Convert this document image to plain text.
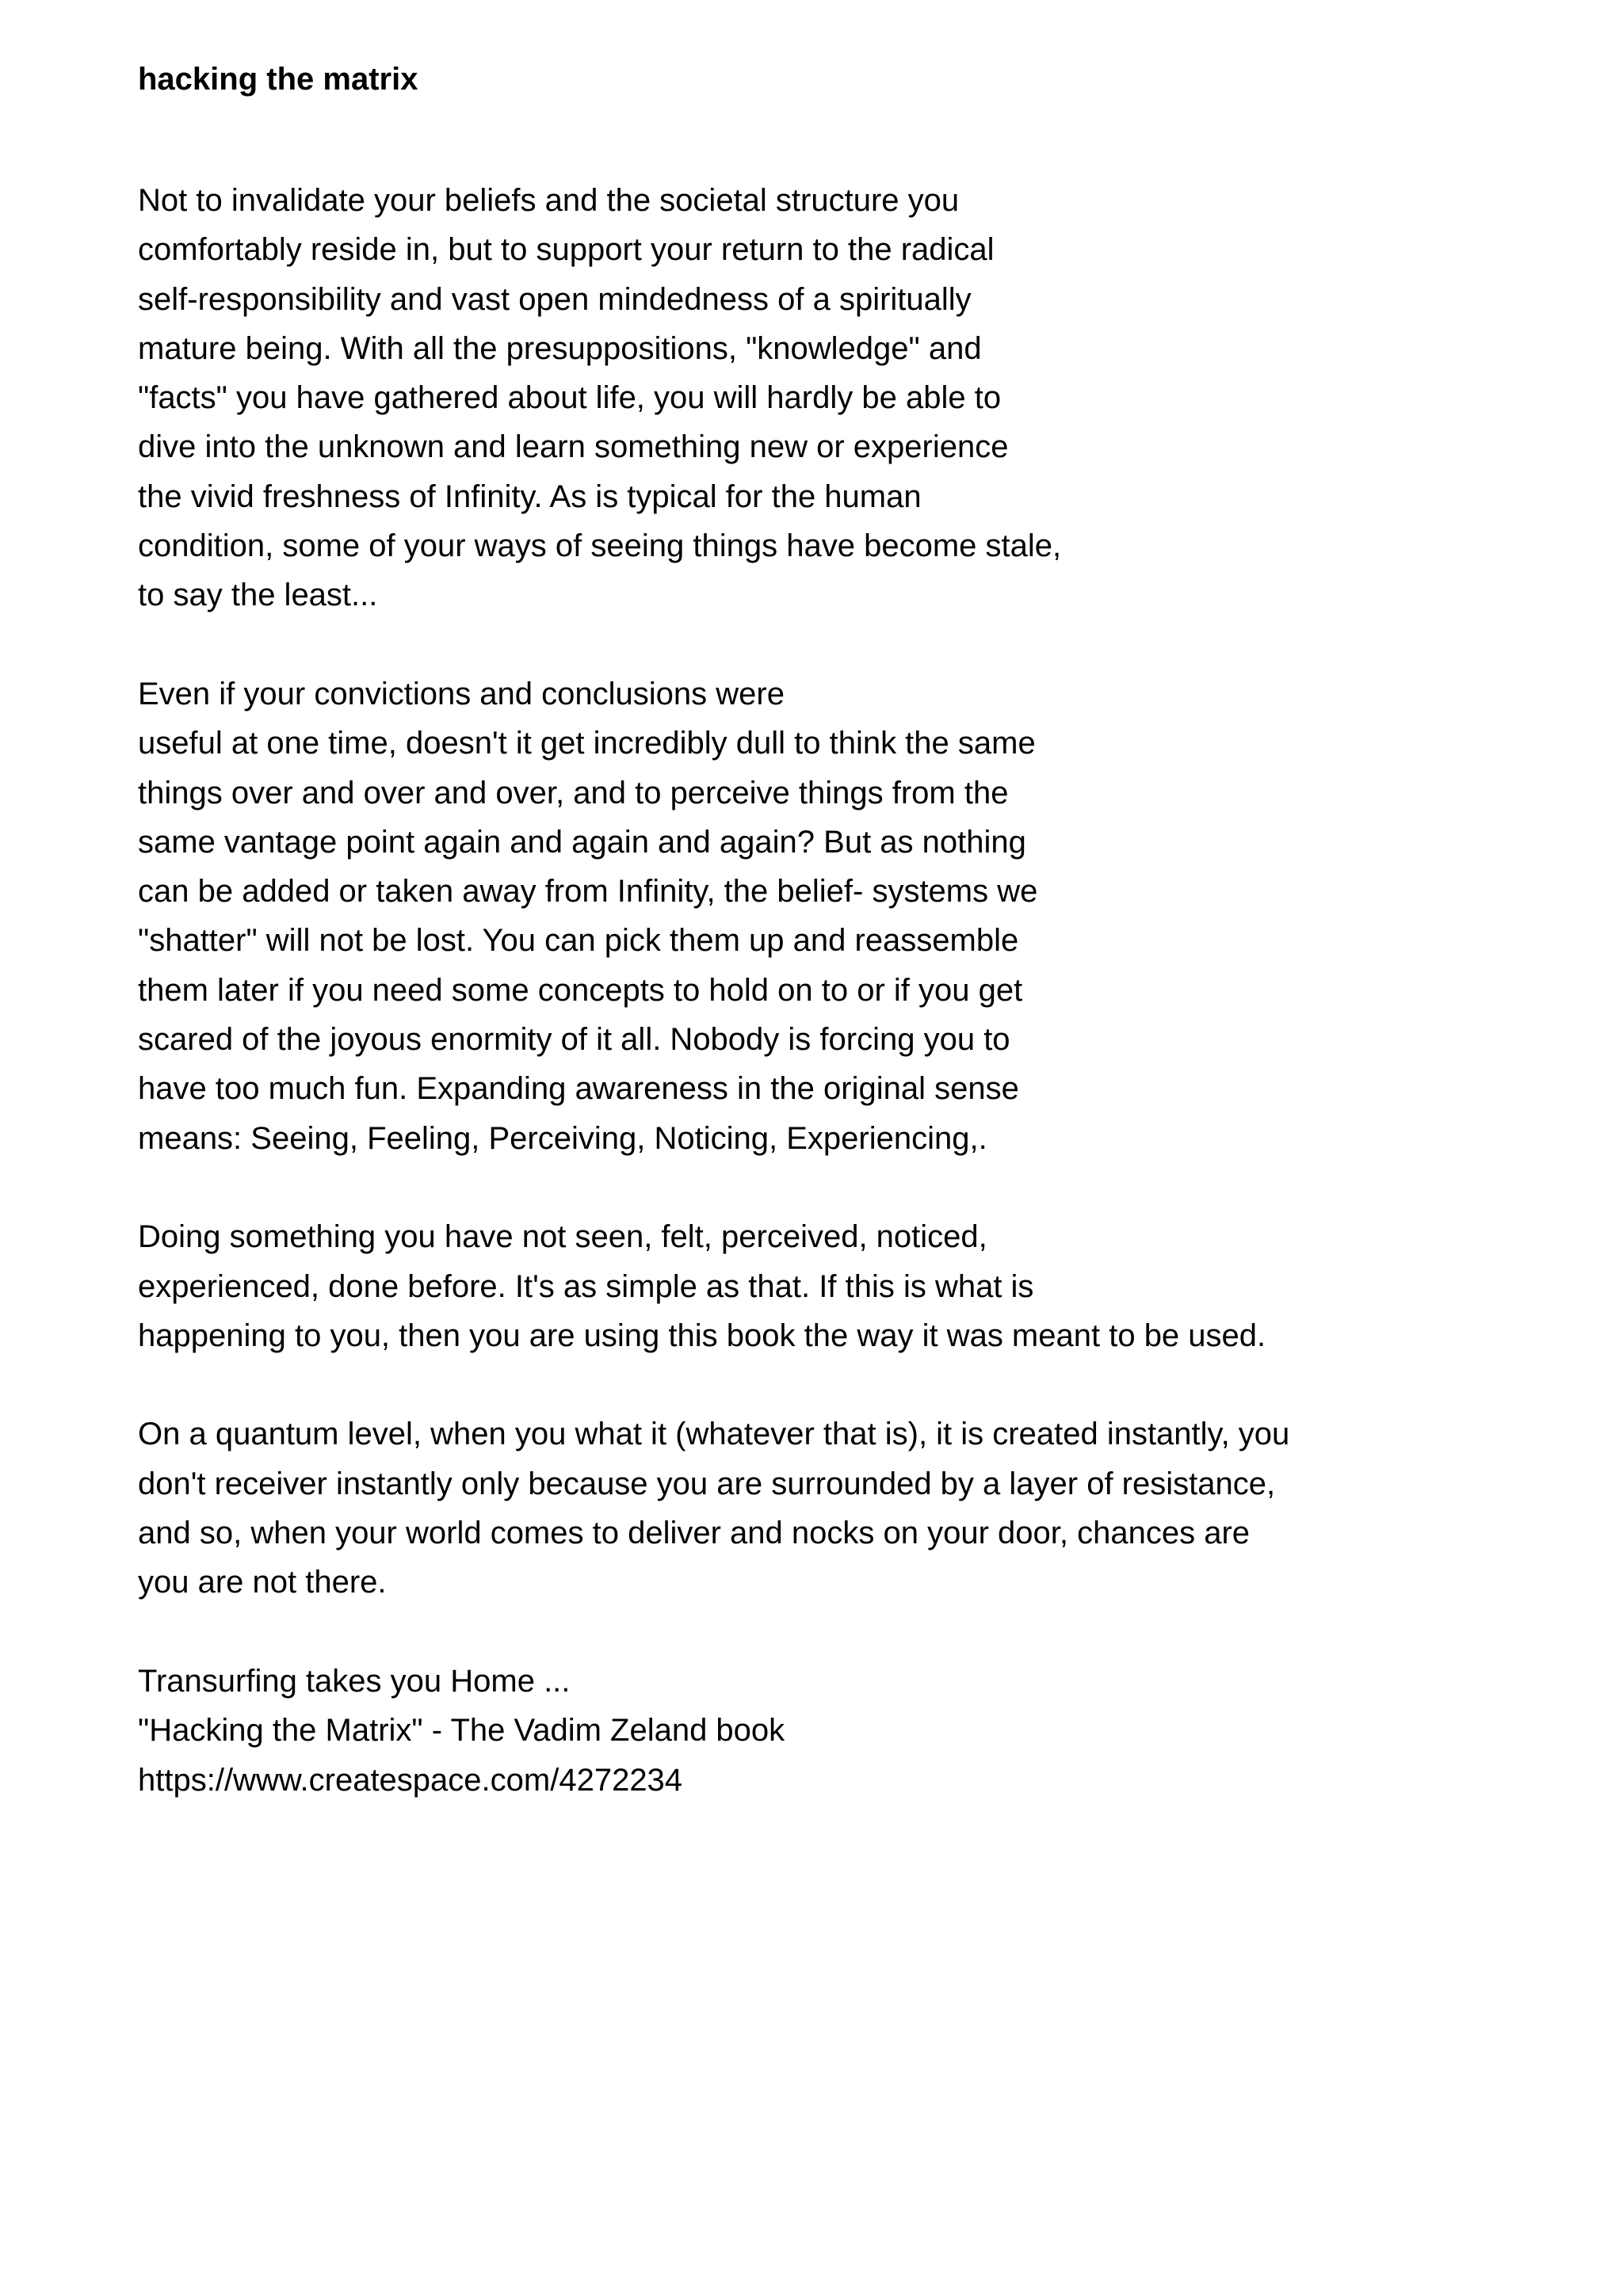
hacking the matrix
Not to invalidate your beliefs and the societal structure you
comfortably reside in, but to support your return to the radical
self-responsibility and vast open mindedness of a spiritually
mature being. With all the presuppositions, "knowledge" and
"facts" you have gathered about life, you will hardly be able to
dive into the unknown and learn something new or experience
the vivid freshness of Infinity. As is typical for the human
condition, some of your ways of seeing things have become stale,
to say the least...
Even if your convictions and conclusions were
useful at one time, doesn't it get incredibly dull to think the same
things over and over and over, and to perceive things from the
same vantage point again and again and again? But as nothing
can be added or taken away from Infinity, the belief- systems we
"shatter" will not be lost. You can pick them up and reassemble
them later if you need some concepts to hold on to or if you get
scared of the joyous enormity of it all. Nobody is forcing you to
have too much fun. Expanding awareness in the original sense
means: Seeing, Feeling, Perceiving, Noticing, Experiencing,.
Doing something you have not seen, felt, perceived, noticed,
experienced, done before. It's as simple as that. If this is what is
happening to you, then you are using this book the way it was meant to be used.
On a quantum level, when you what it (whatever that is), it is created instantly, you
don't receiver instantly only because you are surrounded by a layer of resistance,
and so, when your world comes to deliver and nocks on your door, chances are
you are not there.
Transurfing takes you Home ...
"Hacking the Matrix" - The Vadim Zeland book
https://www.createspace.com/4272234
